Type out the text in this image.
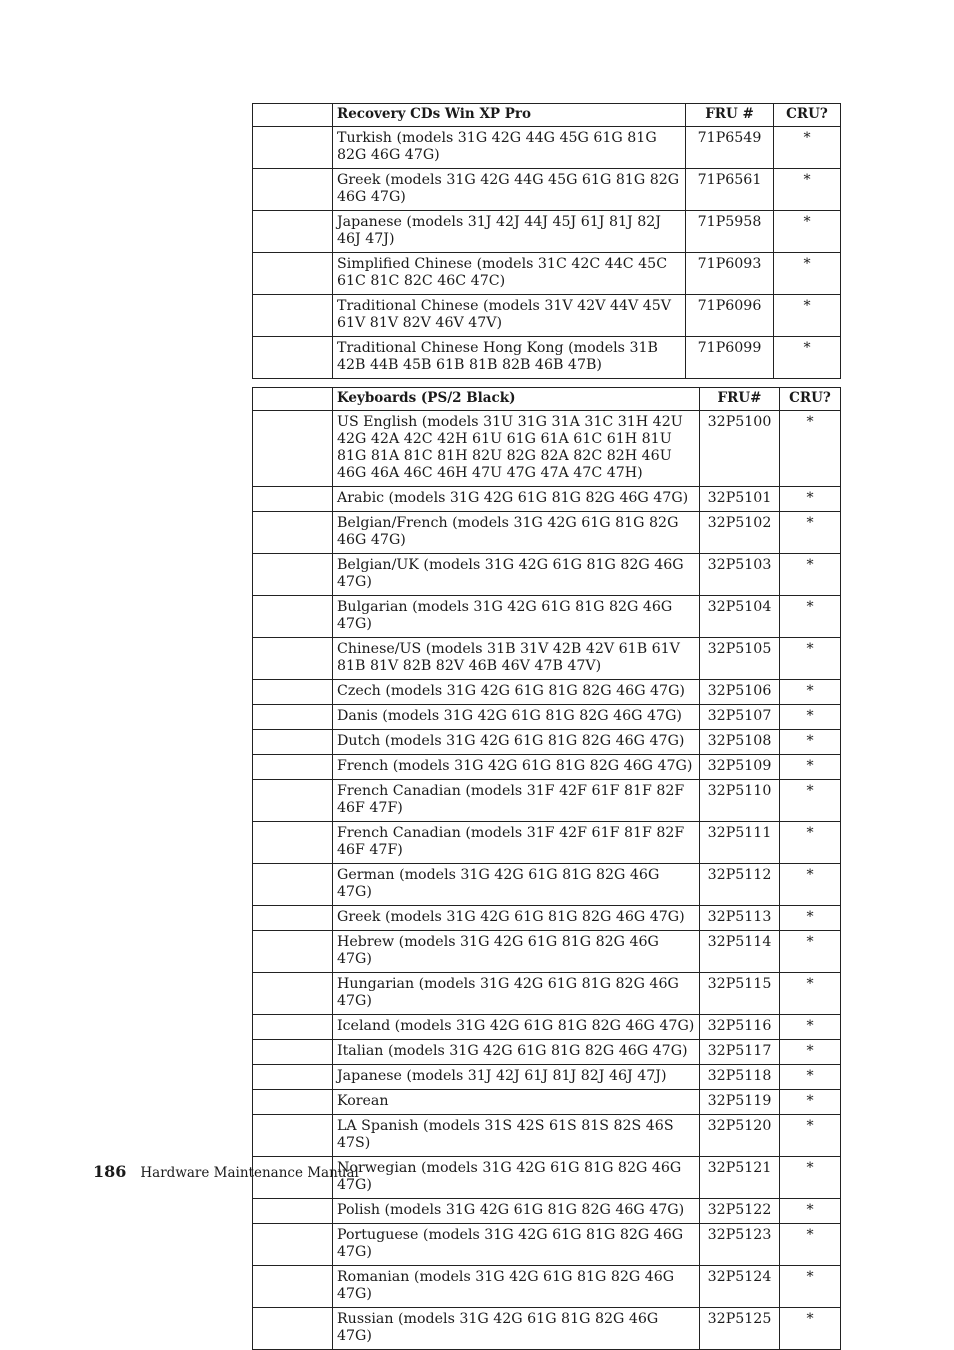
	Recovery CDs Win XP Pro	FRU #	CRU?
	Turkish (models 31G 42G 44G 45G 61G 81G 82G 46G 47G)	71P6549	*
	Greek (models 31G 42G 44G 45G 61G 81G 82G 46G 47G)	71P6561	*
	Japanese (models 31J 42J 44J 45J 61J 81J 82J 46J 47J)	71P5958	*
	Simplified Chinese (models 31C 42C 44C 45C 61C 81C 82C 46C 47C)	71P6093	*
	Traditional Chinese (models 31V 42V 44V 45V 61V 81V 82V 46V 47V)	71P6096	*
	Traditional Chinese Hong Kong (models 31B 42B 44B 45B 61B 81B 82B 46B 47B)	71P6099	*
	Keyboards (PS/2 Black)	FRU#	CRU?
	US English (models 31U 31G 31A 31C 31H 42U 42G 42A 42C 42H 61U 61G 61A 61C 61H 81U 81G 81A 81C 81H 82U 82G 82A 82C 82H 46U 46G 46A 46C 46H 47U 47G 47A 47C 47H)	32P5100	*
	Arabic (models 31G 42G 61G 81G 82G 46G 47G)	32P5101	*
	Belgian/French (models 31G 42G 61G 81G 82G 46G 47G)	32P5102	*
	Belgian/UK (models 31G 42G 61G 81G 82G 46G 47G)	32P5103	*
	Bulgarian (models 31G 42G 61G 81G 82G 46G 47G)	32P5104	*
	Chinese/US (models 31B 31V 42B 42V 61B 61V 81B 81V 82B 82V 46B 46V 47B 47V)	32P5105	*
	Czech (models 31G 42G 61G 81G 82G 46G 47G)	32P5106	*
	Danis (models 31G 42G 61G 81G 82G 46G 47G)	32P5107	*
	Dutch (models 31G 42G 61G 81G 82G 46G 47G)	32P5108	*
	French (models 31G 42G 61G 81G 82G 46G 47G)	32P5109	*
	French Canadian (models 31F 42F 61F 81F 82F 46F 47F)	32P5110	*
	French Canadian (models 31F 42F 61F 81F 82F 46F 47F)	32P5111	*
	German (models 31G 42G 61G 81G 82G 46G 47G)	32P5112	*
	Greek (models 31G 42G 61G 81G 82G 46G 47G)	32P5113	*
	Hebrew (models 31G 42G 61G 81G 82G 46G 47G)	32P5114	*
	Hungarian (models 31G 42G 61G 81G 82G 46G 47G)	32P5115	*
	Iceland (models 31G 42G 61G 81G 82G 46G 47G)	32P5116	*
	Italian (models 31G 42G 61G 81G 82G 46G 47G)	32P5117	*
	Japanese (models 31J 42J 61J 81J 82J 46J 47J)	32P5118	*
	Korean	32P5119	*
	LA Spanish (models 31S 42S 61S 81S 82S 46S 47S)	32P5120	*
	Norwegian (models 31G 42G 61G 81G 82G 46G 47G)	32P5121	*
	Polish (models 31G 42G 61G 81G 82G 46G 47G)	32P5122	*
	Portuguese (models 31G 42G 61G 81G 82G 46G 47G)	32P5123	*
	Romanian (models 31G 42G 61G 81G 82G 46G 47G)	32P5124	*
	Russian (models 31G 42G 61G 81G 82G 46G 47G)	32P5125	*
186 Hardware Maintenance Manual
